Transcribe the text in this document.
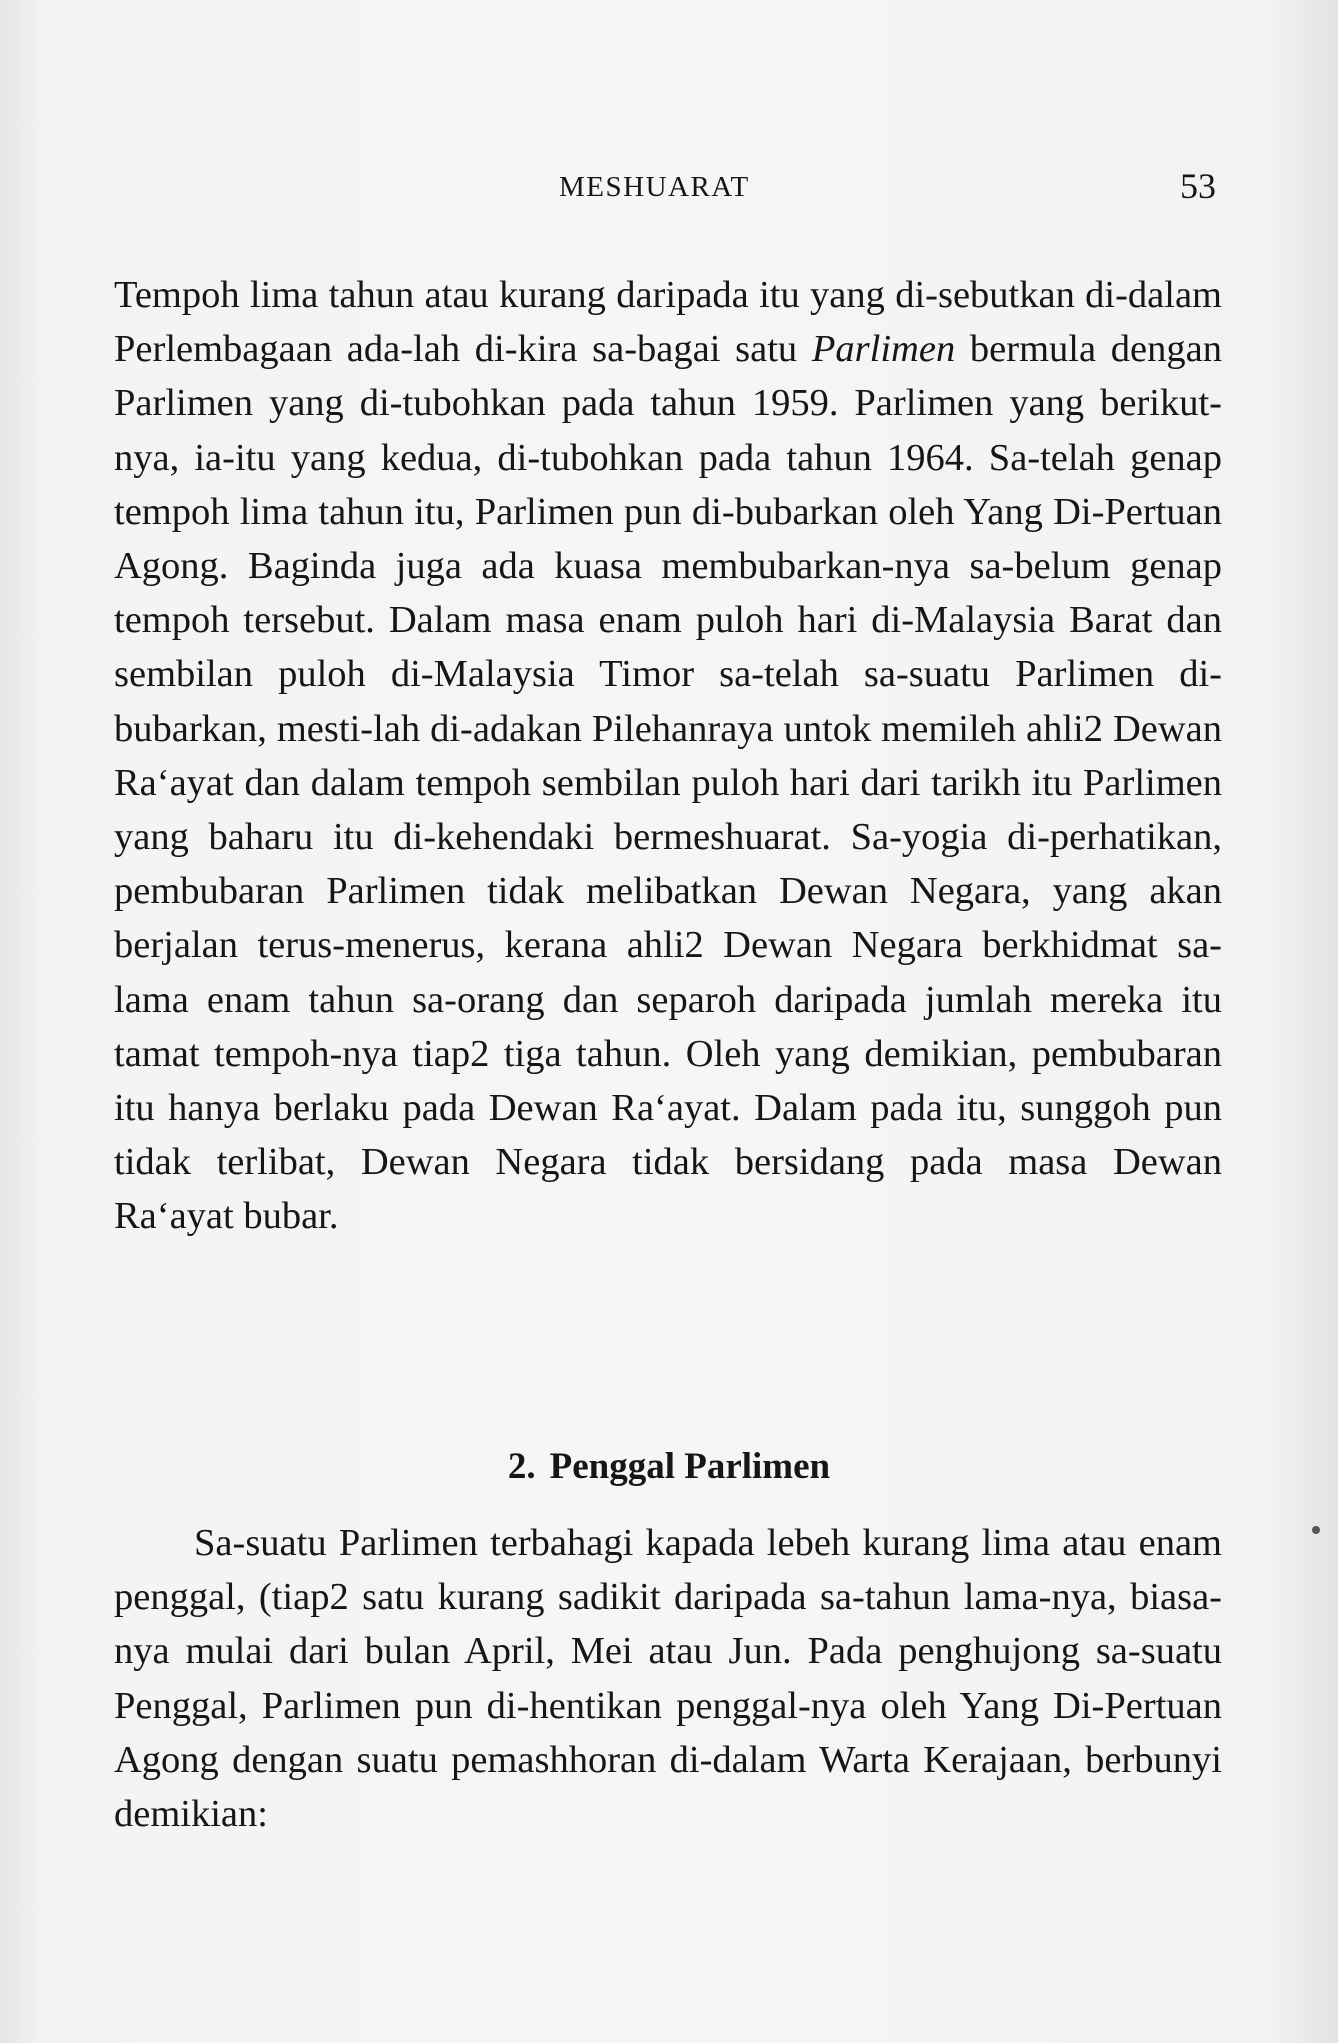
MESHUARAT	53

Tempoh lima tahun atau kurang daripada itu yang di-sebutkan di-dalam Perlembagaan ada-lah di-kira sa-bagai satu Parlimen bermula dengan Parlimen yang di-tubohkan pada tahun 1959. Parlimen yang berikut-nya, ia-itu yang kedua, di-tubohkan pada tahun 1964. Sa-telah genap tempoh lima tahun itu, Parlimen pun di-bubarkan oleh Yang Di-Pertuan Agong. Baginda juga ada kuasa membubarkan-nya sa-belum genap tempoh tersebut. Dalam masa enam puloh hari di-Malaysia Barat dan sembilan puloh di-Malaysia Timor sa-telah sa-suatu Parlimen di-bubarkan, mesti-lah di-adakan Pilehanraya untok memileh ahli2 Dewan Ra‘ayat dan dalam tempoh sembilan puloh hari dari tarikh itu Parlimen yang baharu itu di-kehendaki bermeshuarat. Sa-yogia di-perhatikan, pembubaran Parlimen tidak melibatkan Dewan Negara, yang akan berjalan terus-menerus, kerana ahli2 Dewan Negara berkhidmat sa-lama enam tahun sa-orang dan separoh daripada jumlah mereka itu tamat tempoh-nya tiap2 tiga tahun. Oleh yang demikian, pembubaran itu hanya berlaku pada Dewan Ra‘ayat. Dalam pada itu, sunggoh pun tidak terlibat, Dewan Negara tidak bersidang pada masa Dewan Ra‘ayat bubar.

2. Penggal Parlimen

Sa-suatu Parlimen terbahagi kapada lebeh kurang lima atau enam penggal, (tiap2 satu kurang sadikit daripada sa-tahun lama-nya, biasa-nya mulai dari bulan April, Mei atau Jun. Pada penghujong sa-suatu Penggal, Parlimen pun di-hentikan penggal-nya oleh Yang Di-Pertuan Agong dengan suatu pemashhoran di-dalam Warta Kerajaan, berbunyi demikian:
